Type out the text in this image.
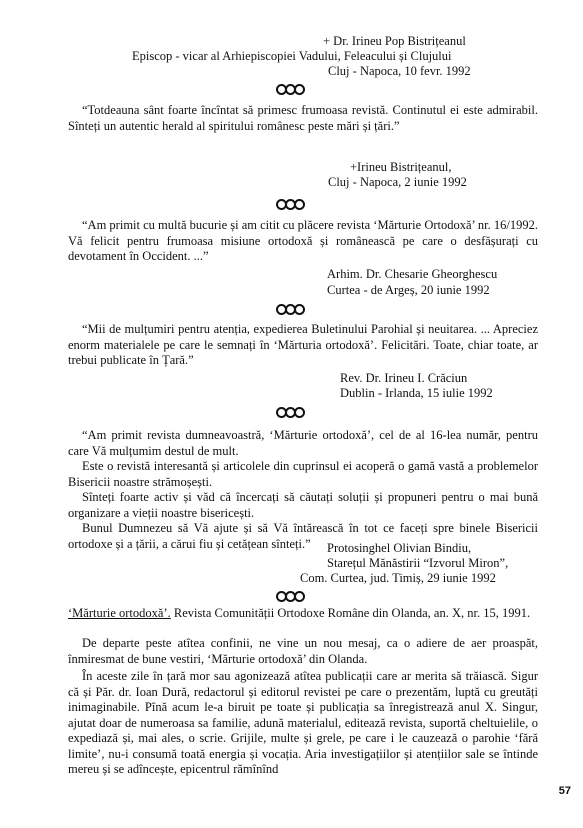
+ Dr. Irineu Pop Bistrițeanul
Episcop - vicar al Arhiepiscopiei Vadului, Feleacului și Clujului
Cluj - Napoca, 10 fevr. 1992

“Totdeauna sânt foarte încîntat să primesc frumoasa revistă. Continutul ei este admirabil. Sînteți un autentic herald al spiritului românesc peste mări și țări.”

+Irineu Bistrițeanul,
Cluj - Napoca, 2 iunie 1992

“Am primit cu multă bucurie și am citit cu plăcere revista ‘Mărturie Ortodoxă’ nr. 16/1992. Vă felicit pentru frumoasa misiune ortodoxă și românească pe care o desfășurați cu devotament în Occident. ...”

Arhim. Dr. Chesarie Gheorghescu
Curtea - de Argeș, 20 iunie 1992

“Mii de mulțumiri pentru atenția, expedierea Buletinului Parohial și neuitarea. ... Apreciez enorm materialele pe care le semnați în ‘Mărturia ortodoxă’. Felicitări. Toate, chiar toate, ar trebui publicate în Țară.”

Rev. Dr. Irineu I. Crăciun
Dublin - Irlanda, 15 iulie 1992

“Am primit revista dumneavoastră, ‘Mărturie ortodoxă’, cel de al 16-lea număr, pentru care Vă mulțumim destul de mult.

Este o revistă interesantă și articolele din cuprinsul ei acoperă o gamă vastă a problemelor Bisericii noastre strămoșești.

Sînteți foarte activ și văd că încercați să căutați soluții și propuneri pentru o mai bună organizare a vieții noastre bisericești.

Bunul Dumnezeu să Vă ajute și să Vă întărească în tot ce faceți spre binele Bisericii ortodoxe și a țării, a cărui fiu și cetățean sînteți.”	Protosinghel Olivian Bindiu,
Starețul Mănăstirii “Izvorul Miron”,
Com. Curtea, jud. Timiș, 29 iunie 1992

‘Mărturie ortodoxă’. Revista Comunității Ortodoxe Române din Olanda, an. X, nr. 15, 1991.

De departe peste atîtea confinii, ne vine un nou mesaj, ca o adiere de aer proaspăt, înmiresmat de bune vestiri, ‘Mărturie ortodoxă’ din Olanda.

În aceste zile în țară mor sau agonizează atîtea publicații care ar merita să trăiască. Sigur că și Păr. dr. Ioan Dură, redactorul și editorul revistei pe care o prezentăm, luptă cu greutăți inimaginabile. Pînă acum le-a biruit pe toate și publicația sa înregistrează anul X. Singur, ajutat doar de numeroasa sa familie, adună materialul, editează revista, suportă cheltuielile, o expediază și, mai ales, o scrie. Grijile, multe și grele, pe care i le cauzează o parohie ‘fără limite’, nu-i consumă toată energia și vocația. Aria investigațiilor și atențiilor sale se întinde mereu și se adîncește, epicentrul rămînînd

57
